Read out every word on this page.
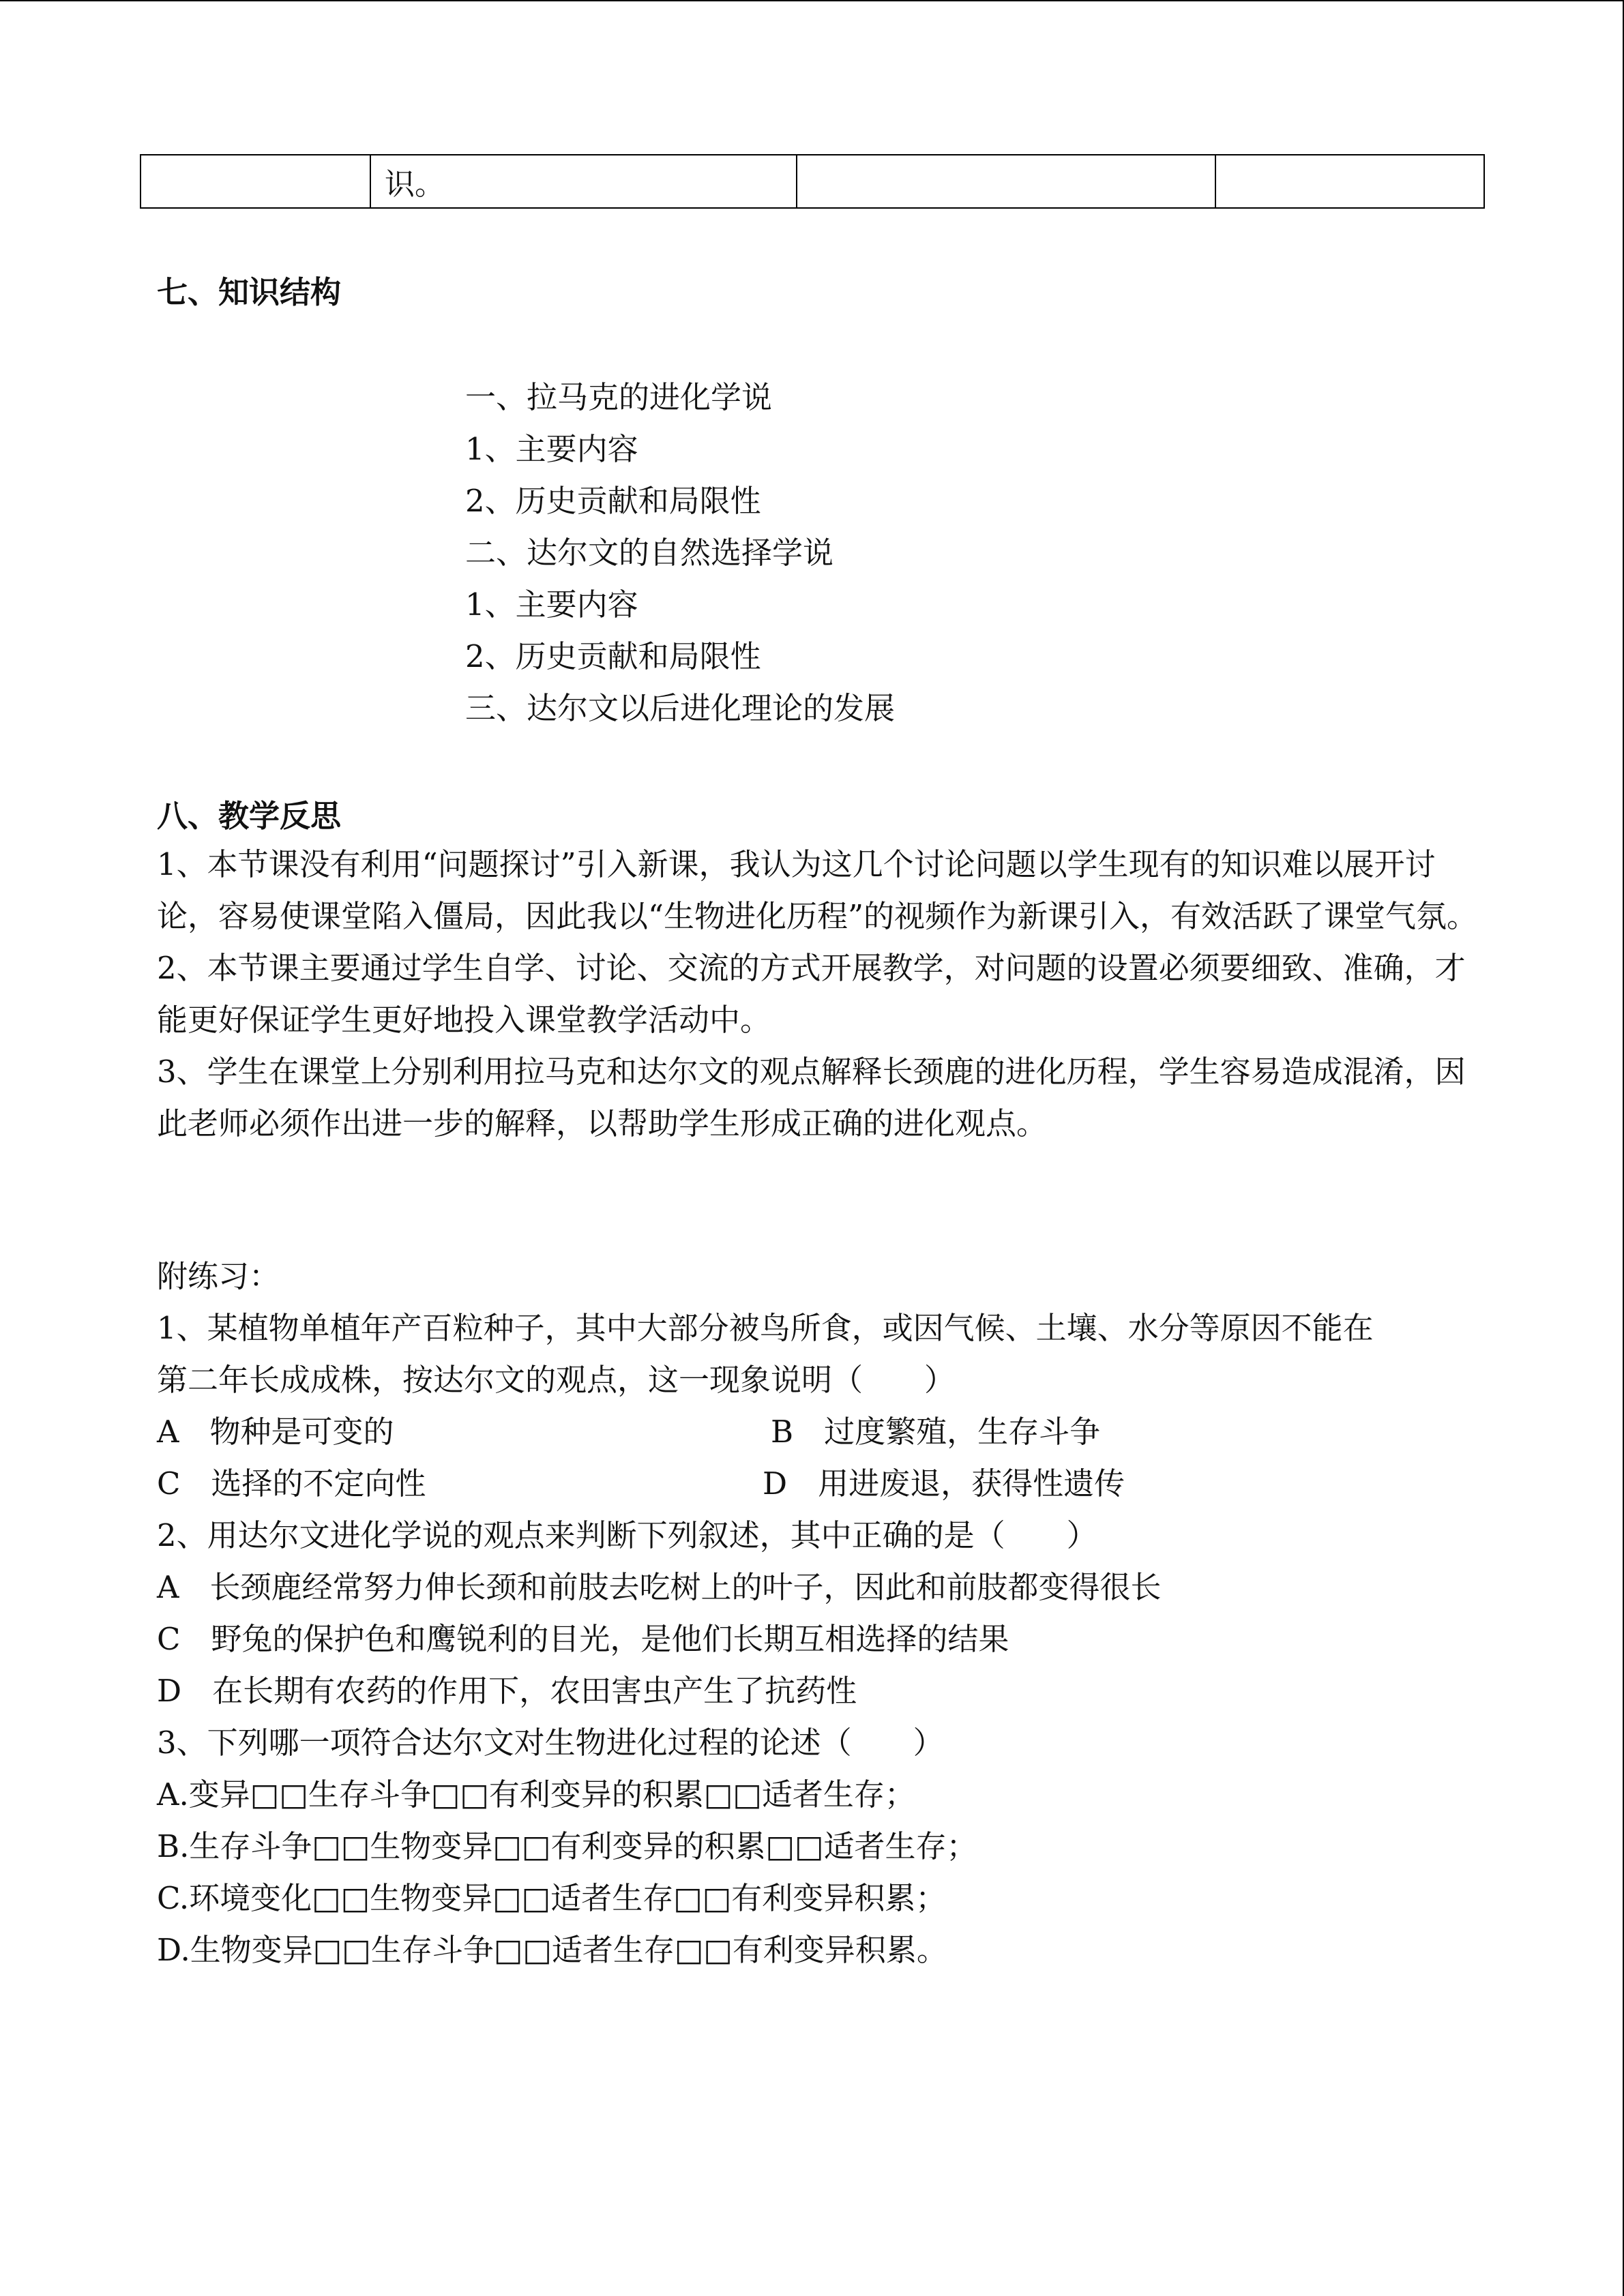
	识。		
七、知识结构
一、拉马克的进化学说
1、主要内容
2、历史贡献和局限性
二、达尔文的自然选择学说
1、主要内容
2、历史贡献和局限性
三、达尔文以后进化理论的发展
八、教学反思

1、本节课没有利用“问题探讨”引入新课，我认为这几个讨论问题以学生现有的知识难以展开讨论，容易使课堂陷入僵局，因此我以“生物进化历程”的视频作为新课引入，有效活跃了课堂气氛。

2、本节课主要通过学生自学、讨论、交流的方式开展教学，对问题的设置必须要细致、准确，才能更好保证学生更好地投入课堂教学活动中。

3、学生在课堂上分别利用拉马克和达尔文的观点解释长颈鹿的进化历程，学生容易造成混淆，因此老师必须作出进一步的解释，以帮助学生形成正确的进化观点。

附练习：

1、某植物单植年产百粒种子，其中大部分被鸟所食，或因气候、土壤、水分等原因不能在

第二年长成成株，按达尔文的观点，这一现象说明（　　）

A　物种是可变的	B　过度繁殖，生存斗争
C　选择的不定向性	D　用进废退，获得性遗传

2、用达尔文进化学说的观点来判断下列叙述，其中正确的是（　　）

A　长颈鹿经常努力伸长颈和前肢去吃树上的叶子，因此和前肢都变得很长

C　野兔的保护色和鹰锐利的目光，是他们长期互相选择的结果

D　在长期有农药的作用下，农田害虫产生了抗药性

3、下列哪一项符合达尔文对生物进化过程的论述（　　）

A.变异□□生存斗争□□有利变异的积累□□适者生存；

B.生存斗争□□生物变异□□有利变异的积累□□适者生存；

C.环境变化□□生物变异□□适者生存□□有利变异积累；

D.生物变异□□生存斗争□□适者生存□□有利变异积累。
